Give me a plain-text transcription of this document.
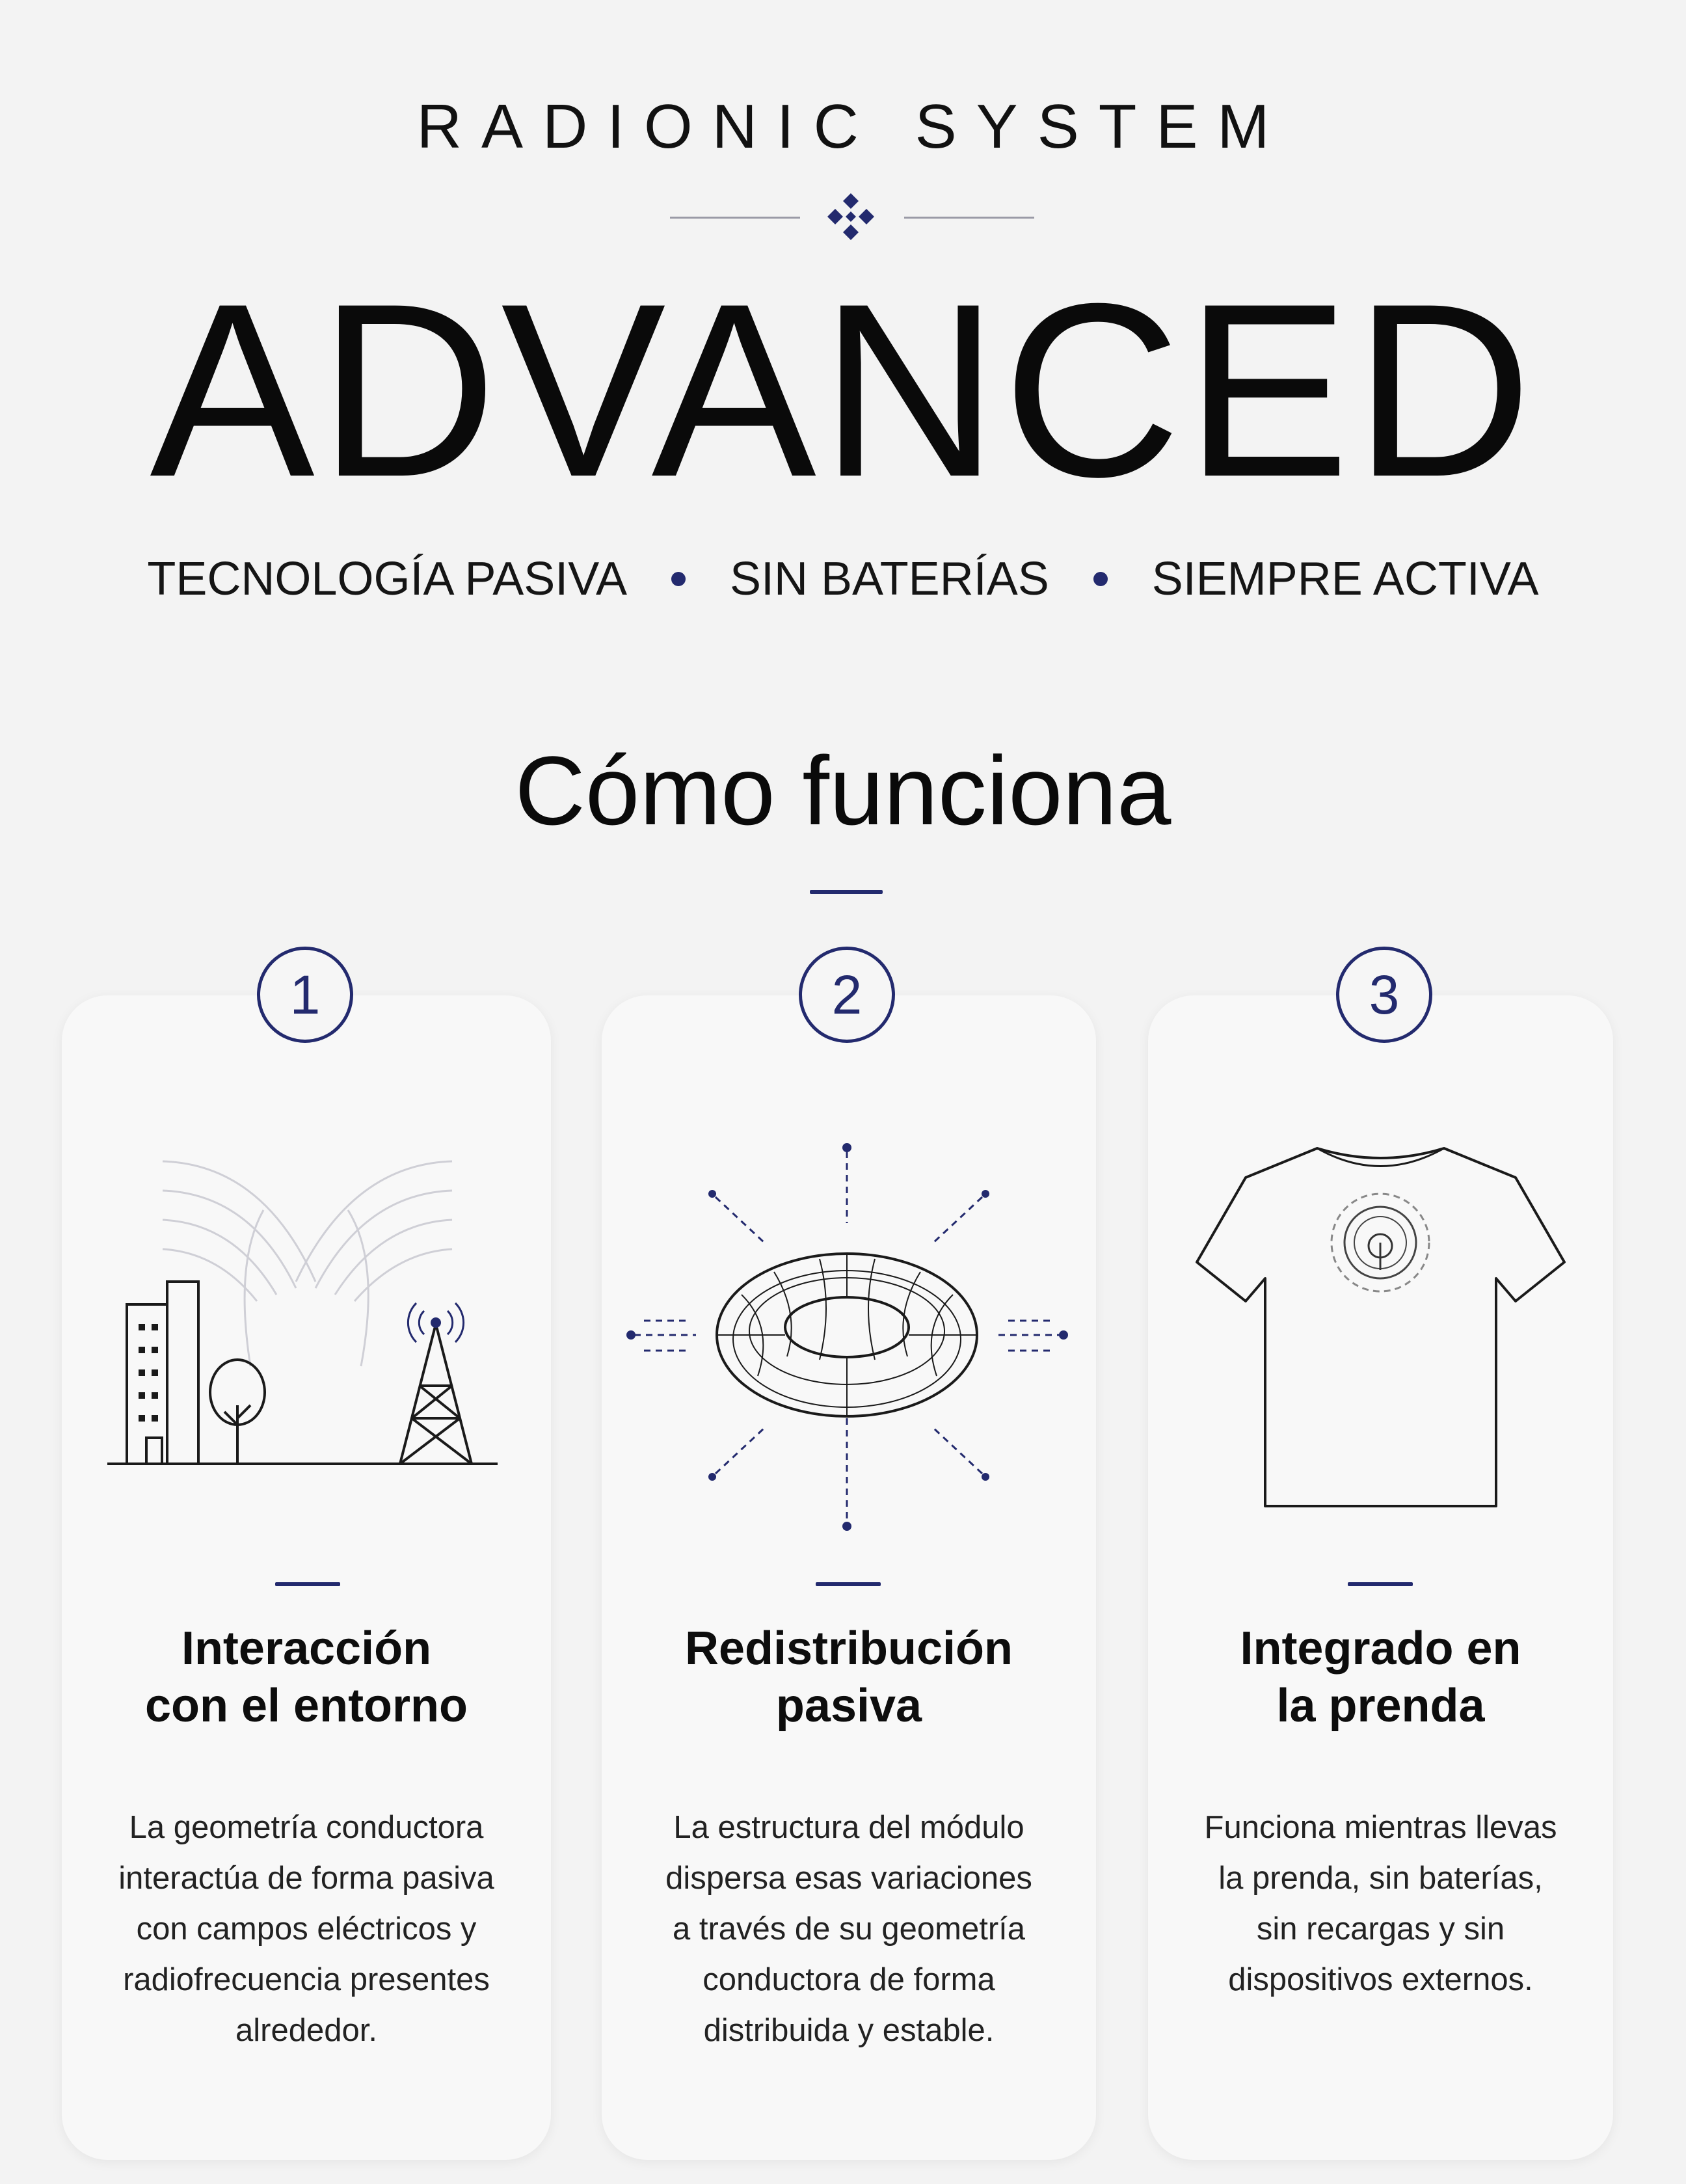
RADIONIC SYSTEM
ADVANCED
TECNOLOGÍA PASIVA SIN BATERÍAS SIEMPRE ACTIVA
Cómo funciona
1
Interacción
con el entorno
La geometría conductora
interactúa de forma pasiva
con campos eléctricos y
radiofrecuencia presentes
alrededor.
2
Redistribución
pasiva
La estructura del módulo
dispersa esas variaciones
a través de su geometría
conductora de forma
distribuida y estable.
3
Integrado en
la prenda
Funciona mientras llevas
la prenda, sin baterías,
sin recargas y sin
dispositivos externos.
